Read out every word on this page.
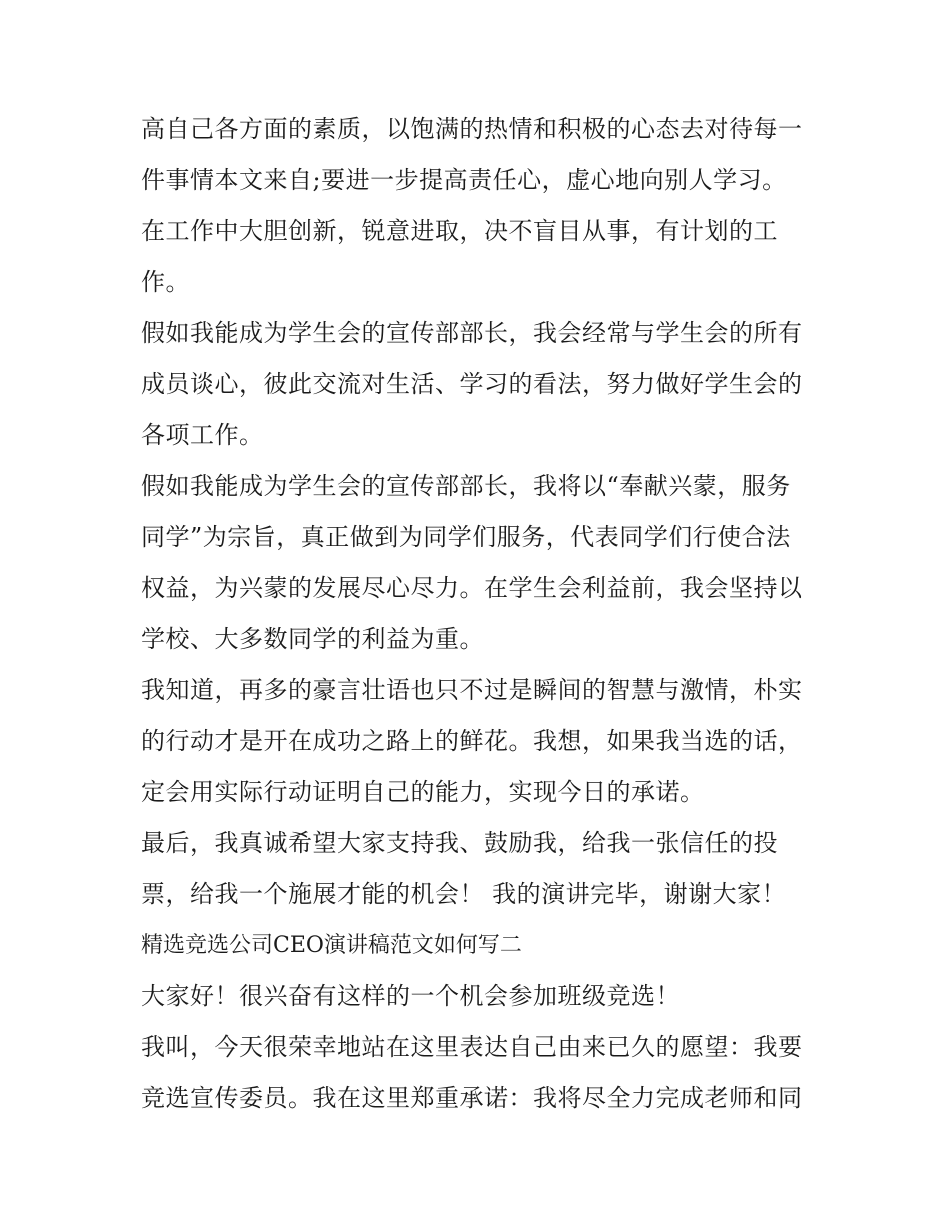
高自己各方面的素质，以饱满的热情和积极的心态去对待每一
件事情本文来自;要进一步提高责任心，虚心地向别人学习。
在工作中大胆创新，锐意进取，决不盲目从事，有计划的工
作。
假如我能成为学生会的宣传部部长，我会经常与学生会的所有
成员谈心，彼此交流对生活、学习的看法，努力做好学生会的
各项工作。
假如我能成为学生会的宣传部部长，我将以“奉献兴蒙，服务
同学”为宗旨，真正做到为同学们服务，代表同学们行使合法
权益，为兴蒙的发展尽心尽力。在学生会利益前，我会坚持以
学校、大多数同学的利益为重。
我知道，再多的豪言壮语也只不过是瞬间的智慧与激情，朴实
的行动才是开在成功之路上的鲜花。我想，如果我当选的话，
定会用实际行动证明自己的能力，实现今日的承诺。
最后，我真诚希望大家支持我、鼓励我，给我一张信任的投
票，给我一个施展才能的机会！ 我的演讲完毕，谢谢大家！
精选竞选公司CEO演讲稿范文如何写二
大家好！很兴奋有这样的一个机会参加班级竞选！
我叫，今天很荣幸地站在这里表达自己由来已久的愿望：我要
竞选宣传委员。我在这里郑重承诺：我将尽全力完成老师和同
